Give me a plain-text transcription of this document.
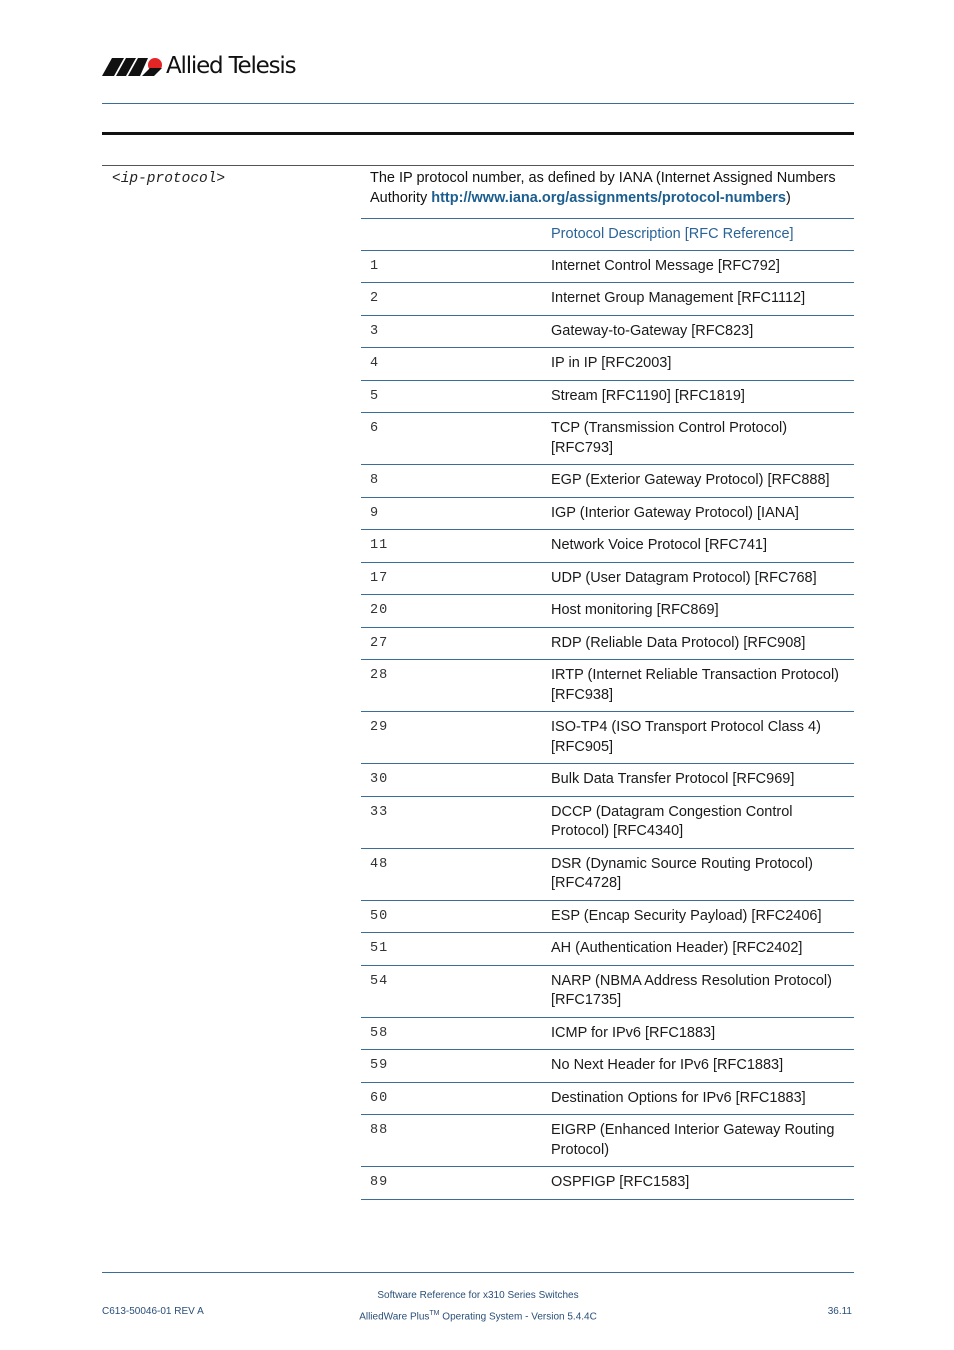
Allied Telesis
<ip-protocol>	The IP protocol number, as defined by IANA (Internet Assigned Numbers Authority http://www.iana.org/assignments/protocol-numbers)
	Protocol Description [RFC Reference]
1	Internet Control Message [RFC792]
2	Internet Group Management [RFC1112]
3	Gateway-to-Gateway [RFC823]
4	IP in IP [RFC2003]
5	Stream [RFC1190] [RFC1819]
6	TCP (Transmission Control Protocol) [RFC793]
8	EGP (Exterior Gateway Protocol) [RFC888]
9	IGP (Interior Gateway Protocol) [IANA]
11	Network Voice Protocol [RFC741]
17	UDP (User Datagram Protocol) [RFC768]
20	Host monitoring [RFC869]
27	RDP (Reliable Data Protocol) [RFC908]
28	IRTP (Internet Reliable Transaction Protocol) [RFC938]
29	ISO-TP4 (ISO Transport Protocol Class 4) [RFC905]
30	Bulk Data Transfer Protocol [RFC969]
33	DCCP (Datagram Congestion Control Protocol) [RFC4340]
48	DSR (Dynamic Source Routing Protocol) [RFC4728]
50	ESP (Encap Security Payload) [RFC2406]
51	AH (Authentication Header) [RFC2402]
54	NARP (NBMA Address Resolution Protocol) [RFC1735]
58	ICMP for IPv6 [RFC1883]
59	No Next Header for IPv6 [RFC1883]
60	Destination Options for IPv6 [RFC1883]
88	EIGRP (Enhanced Interior Gateway Routing Protocol)
89	OSPFIGP [RFC1583]
C613-50046-01 REV A
Software Reference for x310 Series Switches
AlliedWare Plus™ Operating System - Version 5.4.4C	36.11
